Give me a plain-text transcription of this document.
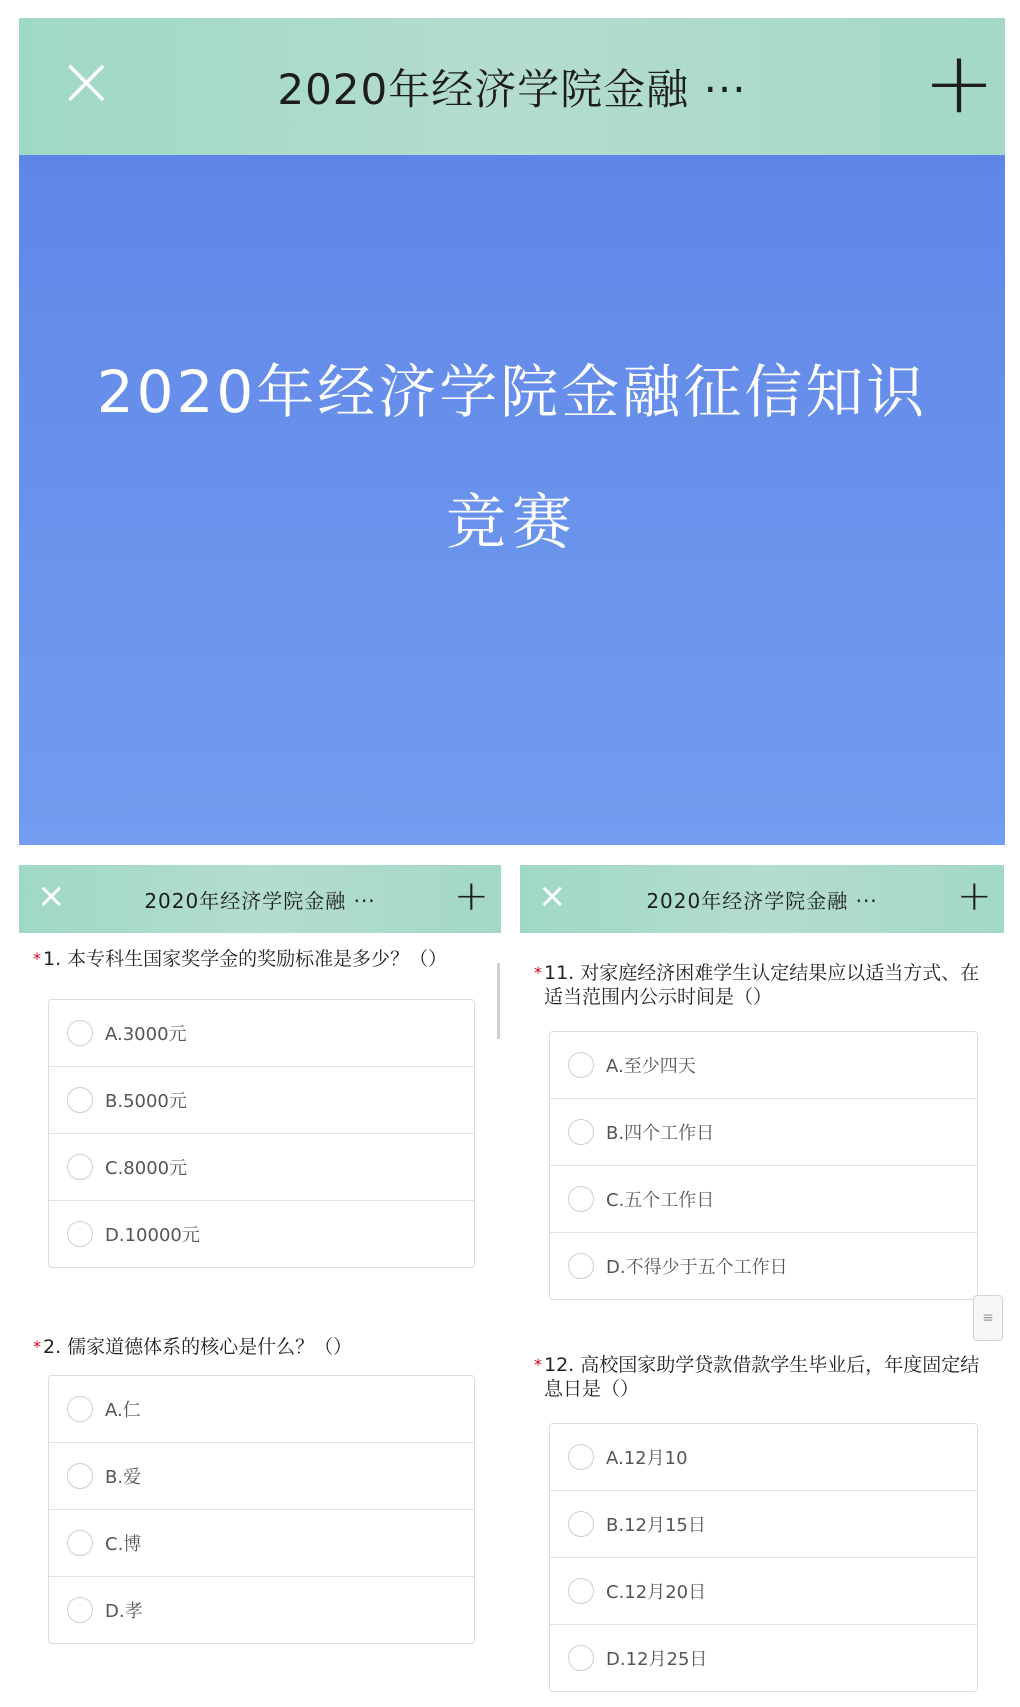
×	2020年经济学院金融 ··· +
2020年经济学院金融征信知识
竞赛
×	2020年经济学院金融 ··· +
* 1. 本专科生国家奖学金的奖励标准是多少？（）
A.3000元
B.5000元
C.8000元
D.10000元
* 2. 儒家道德体系的核心是什么？（）
A.仁
B.爱
C.博
D.孝
×	2020年经济学院金融 ··· +
* 11. 对家庭经济困难学生认定结果应以适当方式、在适当范围内公示时间是（）
A.至少四天
B.四个工作日
C.五个工作日
D.不得少于五个工作日
* 12. 高校国家助学贷款借款学生毕业后，年度固定结息日是（）
A.12月10
B.12月15日
C.12月20日
D.12月25日
≡
